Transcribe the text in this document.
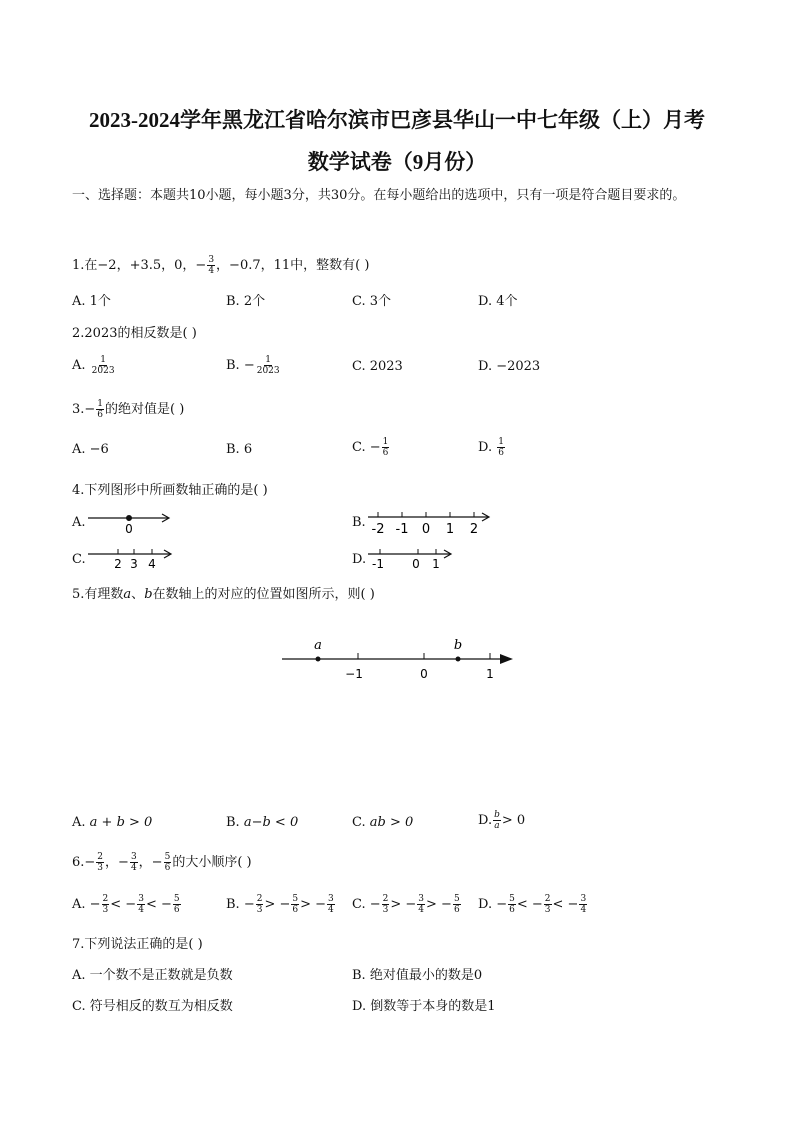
2023-2024学年黑龙江省哈尔滨市巴彦县华山一中七年级（上）月考
数学试卷（9月份）
一、选择题：本题共10小题，每小题3分，共30分。在每小题给出的选项中，只有一项是符合题目要求的。
1.在−2，+3.5，0，− $\frac{3}{4}$ ，−0.7，11中，整数有( )
A. 1个	B. 2个	C. 3个	D. 4个
2.2023的相反数是( )
A. $\frac{1}{2023}$	B. − $\frac{1}{2023}$	C. 2023	D. −2023
$3.- \frac{1}{6}$ 的绝对值是( )
A. −6	B. 6	C. − $\frac{1}{6}$	D. $\frac{1}{6}$
4.下列图形中所画数轴正确的是( )
A.	0	B. -2 -1 0 1 2
C. 2 3 4	D. -1 0 1
5.有理数a、b在数轴上的对应的位置如图所示，则( )
a	b
−1	0	1
A. a + b > 0	B. a−b < 0	C. ab > 0	D. $\frac{b}{a} > 0$
$6.- \frac{2}{3}$ ，− $\frac{3}{4}$ ，− $\frac{5}{6}$ 的大小顺序( )
A. − $\frac{2}{3}$ < − $\frac{3}{4}$ < − $\frac{5}{6}$	B. − $\frac{2}{3}$ > − $\frac{5}{6}$ > − $\frac{3}{4} C$. − $\frac{2}{3}$ > − $\frac{3}{4}$ > − $\frac{5}{6} D$. − $\frac{5}{6}$ < − $\frac{2}{3}$ < − $\frac{3}{4}$
7.下列说法正确的是( )
A. 一个数不是正数就是负数	B. 绝对值最小的数是0
C. 符号相反的数互为相反数	D. 倒数等于本身的数是1
